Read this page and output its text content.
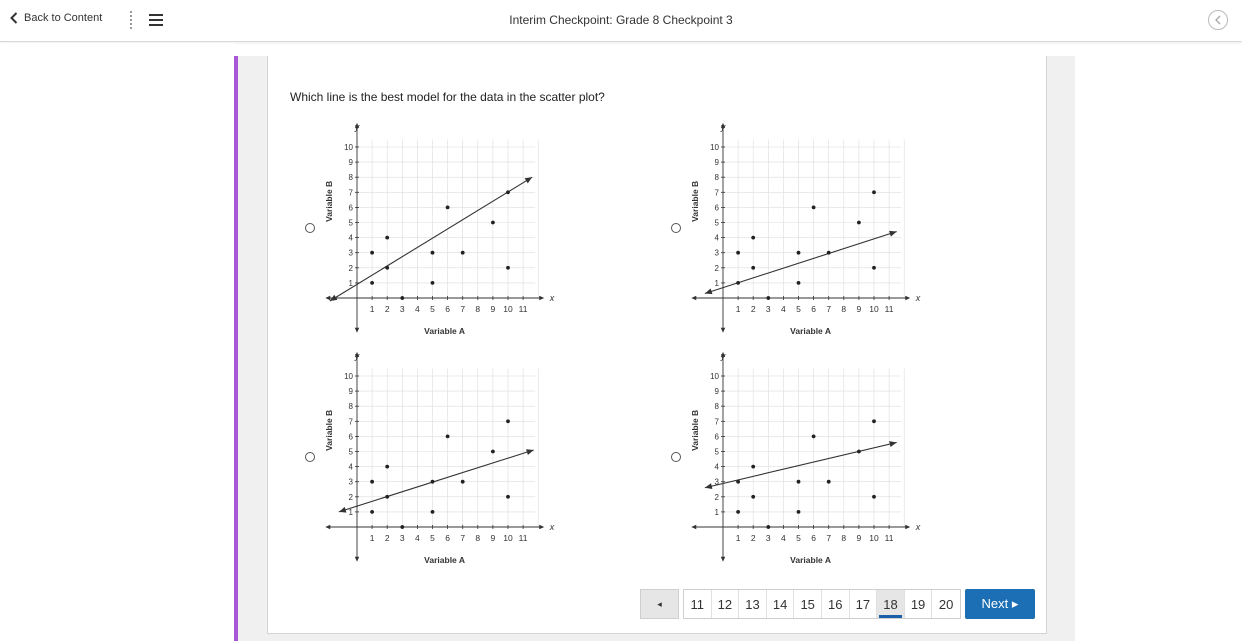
Back to Content	Interim Checkpoint: Grade 8 Checkpoint 3
Which line is the best model for the data in the scatter plot?
1 2 3 4 5 6 7 8 9 10 11
1
2
3
4
5
6
7
8
9
10
x
y
Variable A
Variable B
1 2 3 4 5 6 7 8 9 10 11
1
2
3
4
5
6
7
8
9
10
x
y
Variable A
Variable B
1 2 3 4 5 6 7 8 9 10 11
1
2
3
4
5
6
7
8
9
10
x
y
Variable A
Variable B
1 2 3 4 5 6 7 8 9 10 11
1
2
3
4
5
6
7
8
9
10
x
y
Variable A
Variable B
◂	11	12	13	14	15	16	17	18	19	20	Next ▸
